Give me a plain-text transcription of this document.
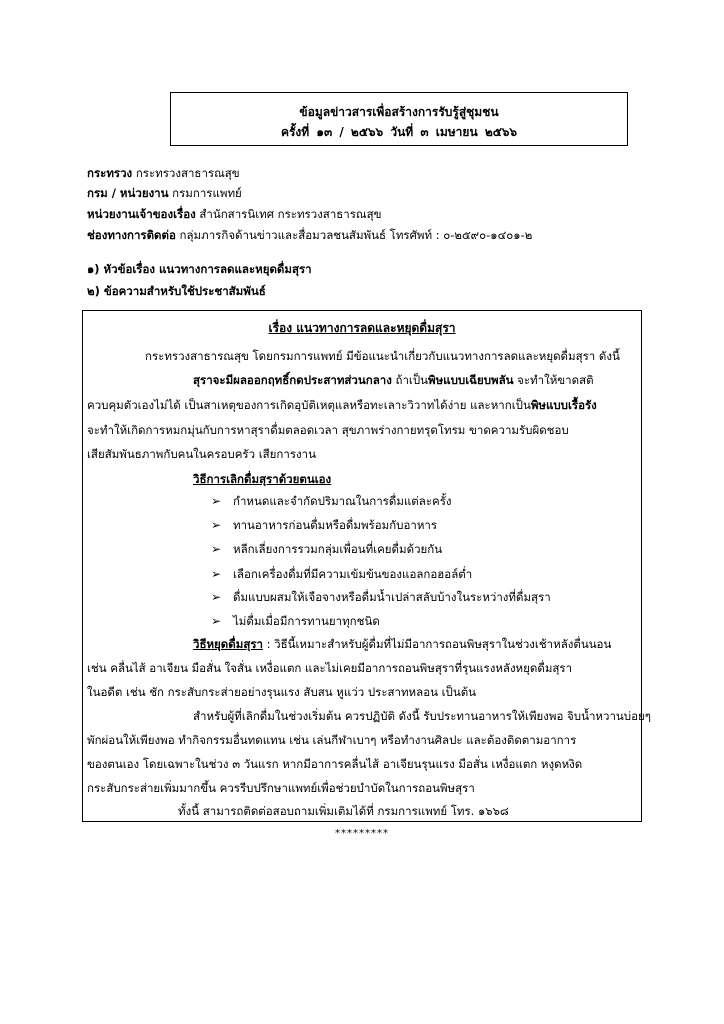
ข้อมูลข่าวสารเพื่อสร้างการรับรู้สู่ชุมชน
ครั้งที่ ๑๓ / ๒๕๖๖ วันที่ ๓ เมษายน ๒๕๖๖
กระทรวง กระทรวงสาธารณสุข
กรม / หน่วยงาน กรมการแพทย์
หน่วยงานเจ้าของเรื่อง สำนักสารนิเทศ กระทรวงสาธารณสุข
ช่องทางการติดต่อ กลุ่มภารกิจด้านข่าวและสื่อมวลชนสัมพันธ์ โทรศัพท์ : ๐-๒๕๙๐-๑๔๐๑-๒
๑) หัวข้อเรื่อง แนวทางการลดและหยุดดื่มสุรา
๒) ข้อความสำหรับใช้ประชาสัมพันธ์
เรื่อง แนวทางการลดและหยุดดื่มสุรา
กระทรวงสาธารณสุข โดยกรมการแพทย์ มีข้อแนะนำเกี่ยวกับแนวทางการลดและหยุดดื่มสุรา ดังนี้
สุราจะมีผลออกฤทธิ์กดประสาทส่วนกลาง ถ้าเป็นพิษแบบเฉียบพลัน จะทำให้ขาดสติ
ควบคุมตัวเองไม่ได้ เป็นสาเหตุของการเกิดอุบัติเหตุแลหรือทะเลาะวิวาทได้ง่าย และหากเป็นพิษแบบเรื้อรัง
จะทำให้เกิดการหมกมุ่นกับการหาสุราดื่มตลอดเวลา สุขภาพร่างกายทรุดโทรม ขาดความรับผิดชอบ
เสียสัมพันธภาพกับคนในครอบครัว เสียการงาน
วิธีการเลิกดื่มสุราด้วยตนเอง
➢ กำหนดและจำกัดปริมาณในการดื่มแต่ละครั้ง
➢ ทานอาหารก่อนดื่มหรือดื่มพร้อมกับอาหาร
➢ หลีกเลี่ยงการรวมกลุ่มเพื่อนที่เคยดื่มด้วยกัน
➢ เลือกเครื่องดื่มที่มีความเข้มข้นของแอลกอฮอล์ต่ำ
➢ ดื่มแบบผสมให้เจือจางหรือดื่มน้ำเปล่าสลับบ้างในระหว่างที่ดื่มสุรา
➢ ไม่ดื่มเมื่อมีการทานยาทุกชนิด
วิธีหยุดดื่มสุรา : วิธีนี้เหมาะสำหรับผู้ดื่มที่ไม่มีอาการถอนพิษสุราในช่วงเช้าหลังตื่นนอน
เช่น คลื่นไส้ อาเจียน มือสั่น ใจสั่น เหงื่อแตก และไม่เคยมีอาการถอนพิษสุราที่รุนแรงหลังหยุดดื่มสุรา
ในอดีต เช่น ชัก กระสับกระส่ายอย่างรุนแรง สับสน หูแว่ว ประสาทหลอน เป็นต้น
สำหรับผู้ที่เลิกดื่มในช่วงเริ่มต้น ควรปฏิบัติ ดังนี้ รับประทานอาหารให้เพียงพอ จิบน้ำหวานบ่อยๆ
พักผ่อนให้เพียงพอ ทำกิจกรรมอื่นทดแทน เช่น เล่นกีฬาเบาๆ หรือทำงานศิลปะ และต้องติดตามอาการ
ของตนเอง โดยเฉพาะในช่วง ๓ วันแรก หากมีอาการคลื่นไส้ อาเจียนรุนแรง มือสั่น เหงื่อแตก หงุดหงิด
กระสับกระส่ายเพิ่มมากขึ้น ควรรีบปรึกษาแพทย์เพื่อช่วยบำบัดในการถอนพิษสุรา
ทั้งนี้ สามารถติดต่อสอบถามเพิ่มเติมได้ที่ กรมการแพทย์ โทร. ๑๖๖๘
*********
